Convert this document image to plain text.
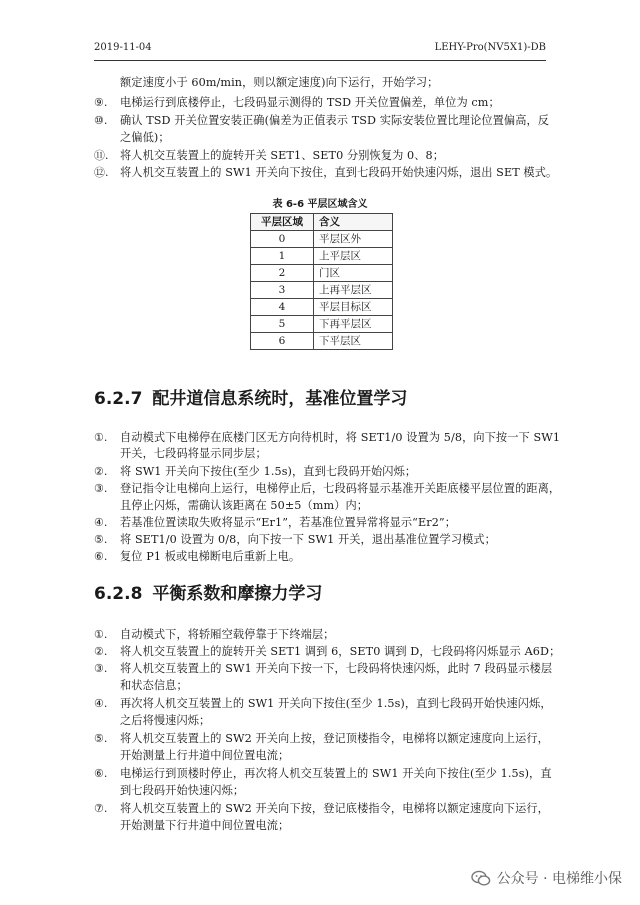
2019-11-04	LEHY-Pro(NV5X1)-DB
额定速度小于 60m/min，则以额定速度)向下运行，开始学习；
⑨. 电梯运行到底楼停止，七段码显示测得的 TSD 开关位置偏差，单位为 cm；
⑩. 确认 TSD 开关位置安装正确(偏差为正值表示 TSD 实际安装位置比理论位置偏高，反
之偏低)；
⑪. 将人机交互装置上的旋转开关 SET1、SET0 分别恢复为 0、8；
⑫. 将人机交互装置上的 SW1 开关向下按住，直到七段码开始快速闪烁，退出 SET 模式。
表 6-6 平层区域含义
平层区域	含义
0	平层区外
1	上平层区
2	门区
3	上再平层区
4	平层目标区
5	下再平层区
6	下平层区
6.2.7 配井道信息系统时，基准位置学习
①. 自动模式下电梯停在底楼门区无方向待机时，将 SET1/0 设置为 5/8，向下按一下 SW1
开关，七段码将显示同步层；
②. 将 SW1 开关向下按住(至少 1.5s)，直到七段码开始闪烁；
③. 登记指令让电梯向上运行，电梯停止后，七段码将显示基准开关距底楼平层位置的距离，
且停止闪烁，需确认该距离在 50±5（mm）内；
④. 若基准位置读取失败将显示“Er1”，若基准位置异常将显示“Er2”；
⑤. 将 SET1/0 设置为 0/8，向下按一下 SW1 开关，退出基准位置学习模式；
⑥. 复位 P1 板或电梯断电后重新上电。
6.2.8 平衡系数和摩擦力学习
①. 自动模式下，将轿厢空载停靠于下终端层；
②. 将人机交互装置上的旋转开关 SET1 调到 6，SET0 调到 D，七段码将闪烁显示 A6D；
③. 将人机交互装置上的 SW1 开关向下按一下，七段码将快速闪烁，此时 7 段码显示楼层
和状态信息；
④. 再次将人机交互装置上的 SW1 开关向下按住(至少 1.5s)，直到七段码开始快速闪烁，
之后将慢速闪烁；
⑤. 将人机交互装置上的 SW2 开关向上按，登记顶楼指令，电梯将以额定速度向上运行，
开始测量上行井道中间位置电流；
⑥. 电梯运行到顶楼时停止，再次将人机交互装置上的 SW1 开关向下按住(至少 1.5s)，直
到七段码开始快速闪烁；
⑦. 将人机交互装置上的 SW2 开关向下按，登记底楼指令，电梯将以额定速度向下运行，
开始测量下行井道中间位置电流；
公众号 · 电梯维小保
